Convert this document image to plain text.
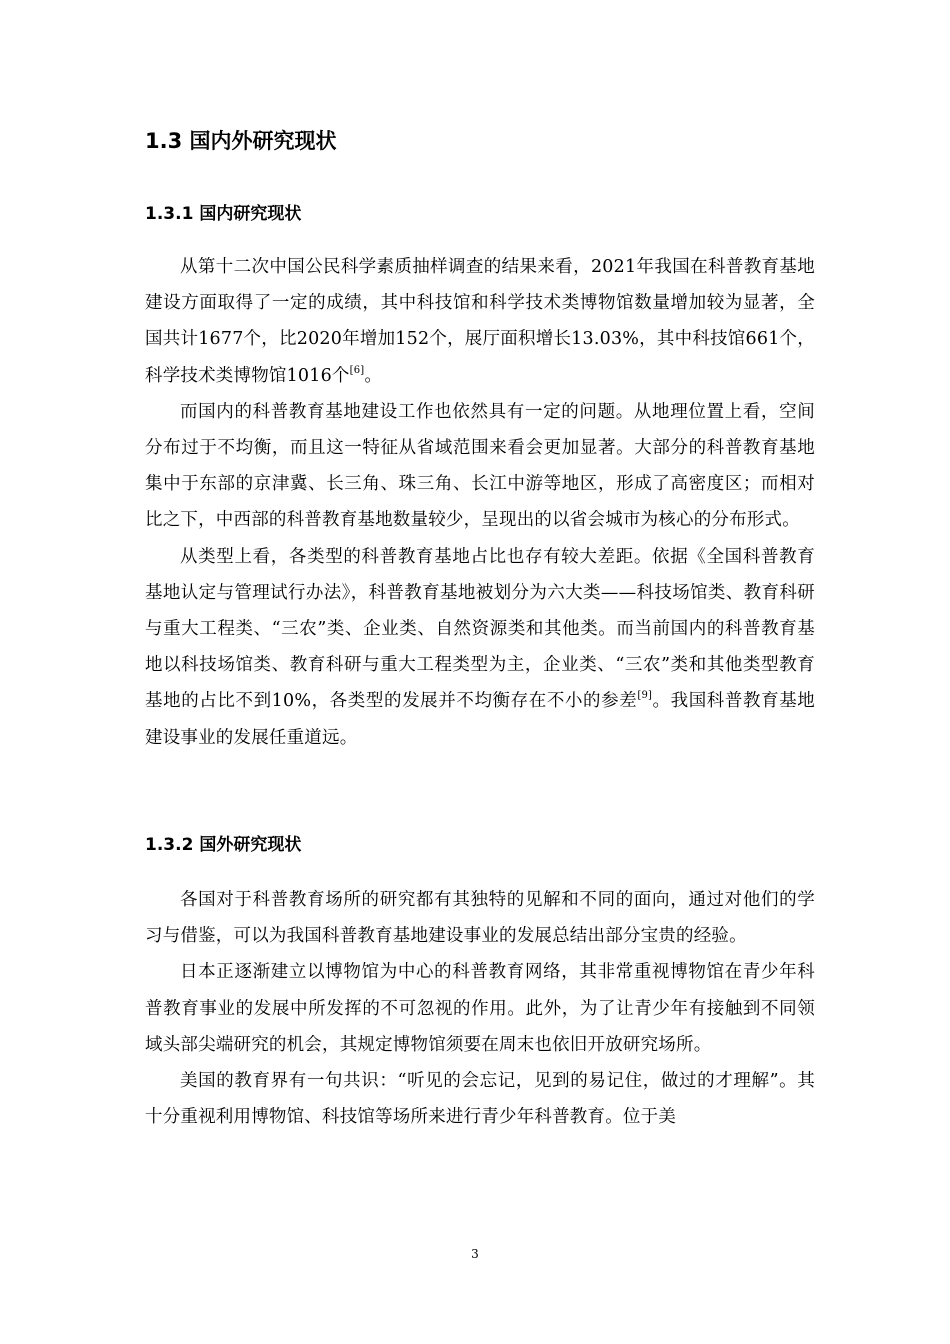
1.3 国内外研究现状
1.3.1 国内研究现状

从第十二次中国公民科学素质抽样调查的结果来看，2021年我国在科普教育基地建设方面取得了一定的成绩，其中科技馆和科学技术类博物馆数量增加较为显著，全国共计1677个，比2020年增加152个，展厅面积增长13.03%，其中科技馆661个，科学技术类博物馆1016个[6]。

而国内的科普教育基地建设工作也依然具有一定的问题。从地理位置上看，空间分布过于不均衡，而且这一特征从省域范围来看会更加显著。大部分的科普教育基地集中于东部的京津冀、长三角、珠三角、长江中游等地区，形成了高密度区；而相对比之下，中西部的科普教育基地数量较少，呈现出的以省会城市为核心的分布形式。

从类型上看，各类型的科普教育基地占比也存有较大差距。依据《全国科普教育基地认定与管理试行办法》，科普教育基地被划分为六大类——科技场馆类、教育科研与重大工程类、“三农”类、企业类、自然资源类和其他类。而当前国内的科普教育基地以科技场馆类、教育科研与重大工程类型为主，企业类、“三农”类和其他类型教育基地的占比不到10%，各类型的发展并不均衡存在不小的参差[9]。我国科普教育基地建设事业的发展任重道远。

1.3.2 国外研究现状

各国对于科普教育场所的研究都有其独特的见解和不同的面向，通过对他们的学习与借鉴，可以为我国科普教育基地建设事业的发展总结出部分宝贵的经验。

日本正逐渐建立以博物馆为中心的科普教育网络，其非常重视博物馆在青少年科普教育事业的发展中所发挥的不可忽视的作用。此外，为了让青少年有接触到不同领域头部尖端研究的机会，其规定博物馆须要在周末也依旧开放研究场所。

美国的教育界有一句共识：“听见的会忘记，见到的易记住，做过的才理解”。其十分重视利用博物馆、科技馆等场所来进行青少年科普教育。位于美

3
